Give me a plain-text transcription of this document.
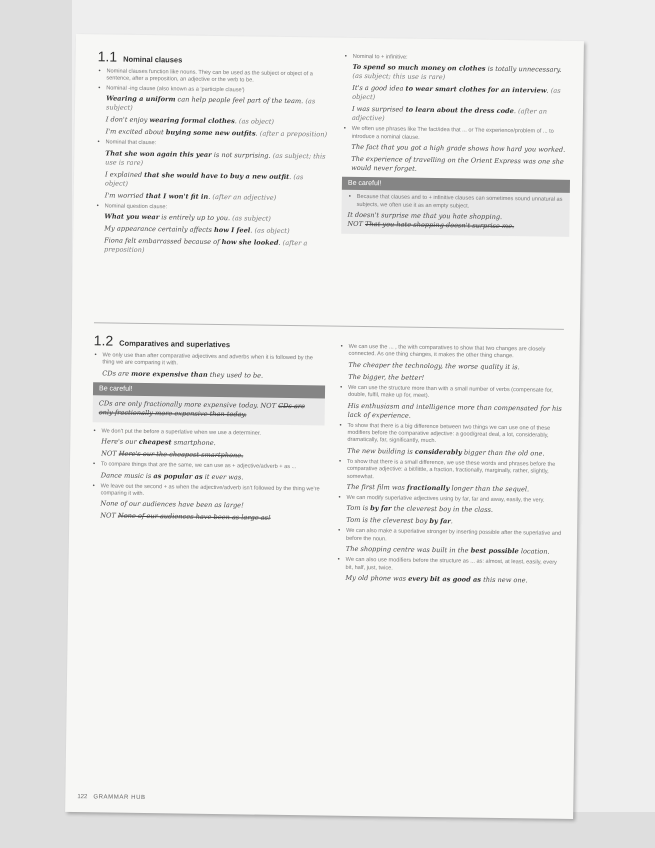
1.1 Nominal clauses
• Nominal clauses function like nouns. They can be used as the subject or object of a sentence, after a preposition, an adjective or the verb to be.
• Nominal -ing clause (also known as a 'participle clause')
Wearing a uniform can help people feel part of the team. (as subject)
I don't enjoy wearing formal clothes. (as object)
I'm excited about buying some new outfits. (after a preposition)
• Nominal that clause:
That she won again this year is not surprising. (as subject; this use is rare)
I explained that she would have to buy a new outfit. (as object)
I'm worried that I won't fit in. (after an adjective)
• Nominal question clause:
What you wear is entirely up to you. (as subject)
My appearance certainly affects how I feel. (as object)
Fiona felt embarrassed because of how she looked. (after a preposition)
• Nominal to + infinitive:
To spend so much money on clothes is totally unnecessary. (as subject; this use is rare)
It's a good idea to wear smart clothes for an interview. (as object)
I was surprised to learn about the dress code. (after an adjective)
• We often use phrases like The fact/idea that ... or The experience/problem of ... to introduce a nominal clause.
The fact that you got a high grade shows how hard you worked.
The experience of travelling on the Orient Express was one she would never forget.
Be careful!
• Because that clauses and to + infinitive clauses can sometimes sound unnatural as subjects, we often use it as an empty subject.
It doesn't surprise me that you hate shopping.
NOT That you hate shopping doesn't surprise me.
1.2 Comparatives and superlatives
• We only use than after comparative adjectives and adverbs when it is followed by the thing we are comparing it with.
CDs are more expensive than they used to be.
Be careful!
CDs are only fractionally more expensive today. NOT CDs are only fractionally more expensive than today.
• We don't put the before a superlative when we use a determiner.
Here's our cheapest smartphone.
NOT Here's our the cheapest smartphone.
• To compare things that are the same, we can use as + adjective/adverb + as ...
Dance music is as popular as it ever was.
• We leave out the second + as when the adjective/adverb isn't followed by the thing we're comparing it with.
None of our audiences have been as large!
NOT None of our audiences have been as large as!
• We can use the ... , the with comparatives to show that two changes are closely connected. As one thing changes, it makes the other thing change.
The cheaper the technology, the worse quality it is.
The bigger, the better!
• We can use the structure more than with a small number of verbs (compensate for, double, fulfil, make up for, meet).
His enthusiasm and intelligence more than compensated for his lack of experience.
• To show that there is a big difference between two things we can use one of these modifiers before the comparative adjective: a good/great deal, a lot, considerably, dramatically, far, significantly, much.
The new building is considerably bigger than the old one.
• To show that there is a small difference, we use these words and phrases before the comparative adjective: a bit/little, a fraction, fractionally, marginally, rather, slightly, somewhat.
The first film was fractionally longer than the sequel.
• We can modify superlative adjectives using by far, far and away, easily, the very.
Tom is by far the cleverest boy in the class.
Tom is the cleverest boy by far.
• We can also make a superlative stronger by inserting possible after the superlative and before the noun.
The shopping centre was built in the best possible location.
• We can also use modifiers before the structure as ... as: almost, at least, easily, every bit, half, just, twice.
My old phone was every bit as good as this new one.
122 GRAMMAR HUB
